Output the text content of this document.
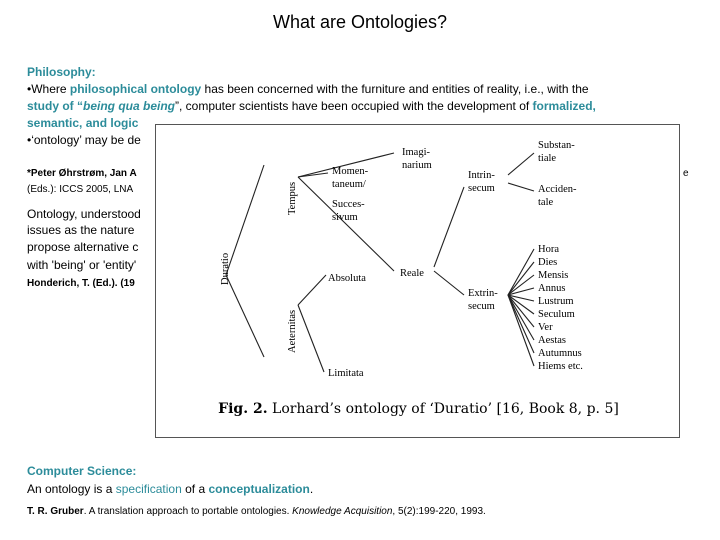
What are Ontologies?
Philosophy:
•Where philosophical ontology has been concerned with the furniture and entities of reality, i.e., with the
study of “being qua being”, computer scientists have been occupied with the development of formalized,
semantic, and logic
•‘ontology’ may be de
*Peter Øhrstrøm, Jan A
(Eds.): ICCS 2005, LNA
e
Ontology, understood
issues as the nature
propose alternative c
with 'being' or 'entity'
Honderich, T. (Ed.). (19	Duratio
Tempus
Aeternitas
Imagi-
narium
Momen-
taneum/
Succes-
sivum
Reale
Absoluta
Limitata
Intrin-
secum
Extrin-
secum
Substan-
tiale
Acciden-
tale
Hora
Dies
Mensis
Annus
Lustrum
Seculum
Ver
Aestas
Autumnus
Hiems etc.
Fig. 2. Lorhard’s ontology of ‘Duratio’ [16, Book 8, p. 5]
Computer Science:
An ontology is a specification of a conceptualization.
T. R. Gruber. A translation approach to portable ontologies. Knowledge Acquisition, 5(2):199-220, 1993.
